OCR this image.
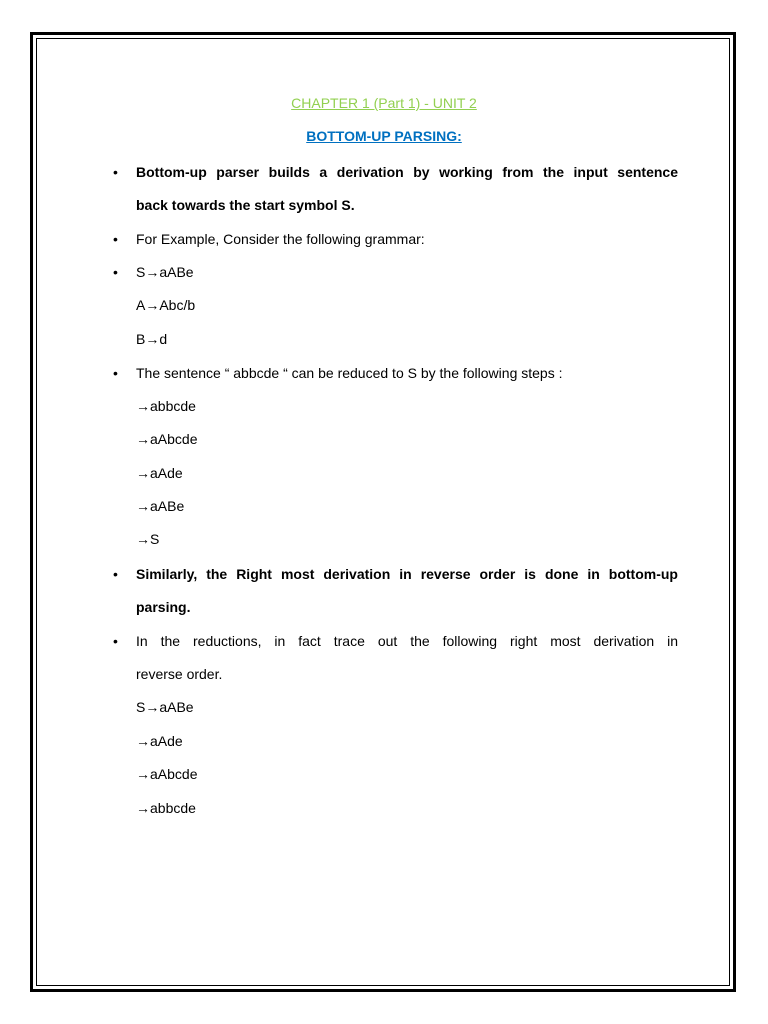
CHAPTER 1 (Part 1) - UNIT 2
BOTTOM-UP PARSING:
• Bottom-up parser builds a derivation by working from the input sentence
back towards the start symbol S.
• For Example, Consider the following grammar:
• S→aABe
A→Abc/b
B→d
• The sentence “ abbcde “ can be reduced to S by the following steps :
→abbcde
→aAbcde
→aAde
→aABe
→S
• Similarly, the Right most derivation in reverse order is done in bottom-up
parsing.
• In the reductions, in fact trace out the following right most derivation in
reverse order.
S→aABe
→aAde
→aAbcde
→abbcde
